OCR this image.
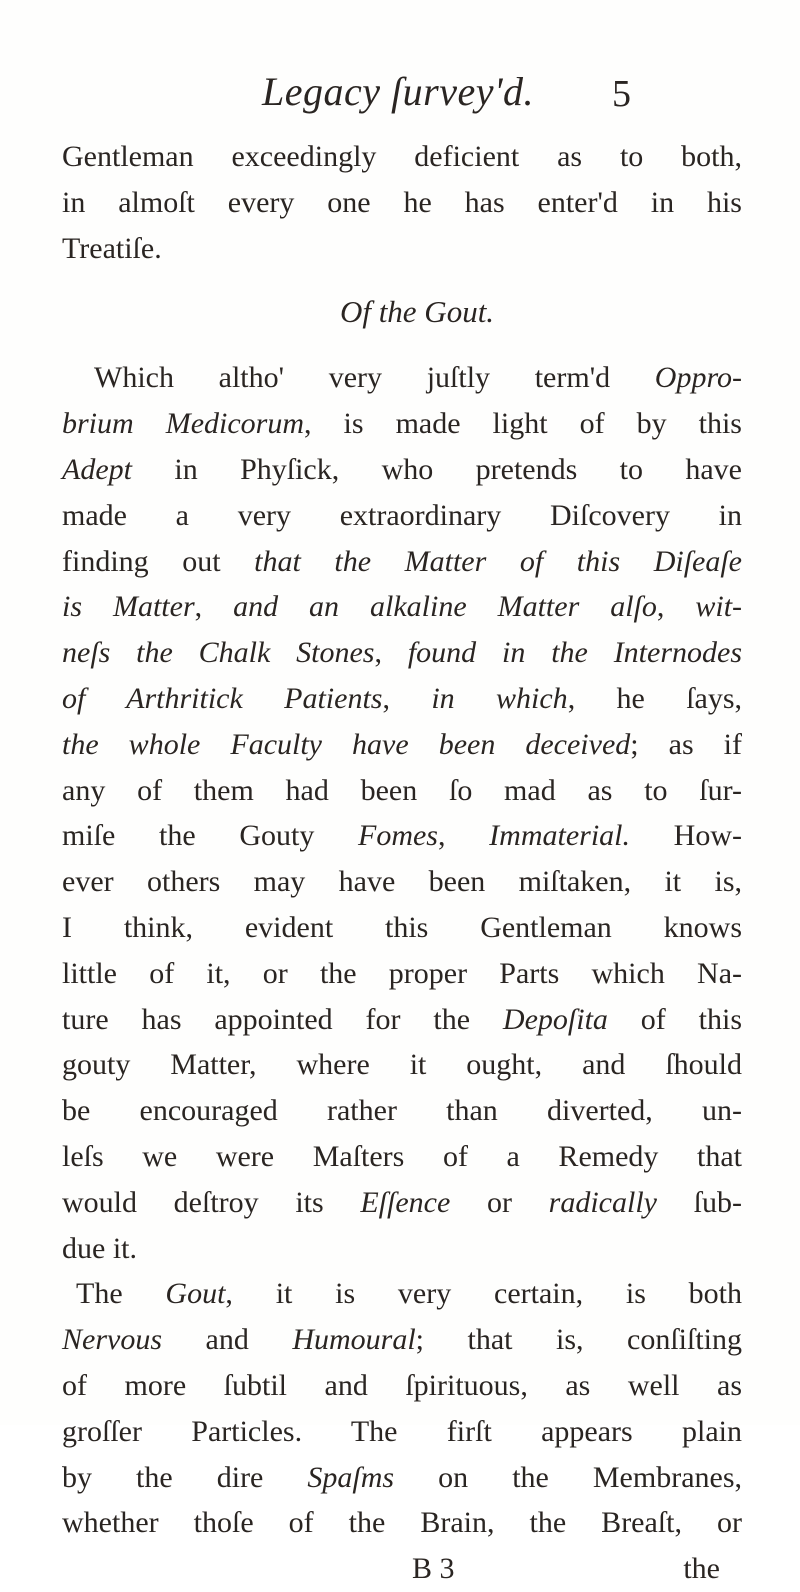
Legacy ſurvey'd. 5
Gentleman exceedingly deficient as to both,
in almoſt every one he has enter'd in his
Treatiſe.
Of the Gout.
Which altho' very juſtly term'd Oppro-
brium Medicorum, is made light of by this
Adept in Phyſick, who pretends to have
made a very extraordinary Diſcovery in
finding out that the Matter of this Diſeaſe
is Matter, and an alkaline Matter alſo, wit-
neſs the Chalk Stones, found in the Internodes
of Arthritick Patients, in which, he ſays,
the whole Faculty have been deceived; as if
any of them had been ſo mad as to ſur-
miſe the Gouty Fomes, Immaterial. How-
ever others may have been miſtaken, it is,
I think, evident this Gentleman knows
little of it, or the proper Parts which Na-
ture has appointed for the Depoſita of this
gouty Matter, where it ought, and ſhould
be encouraged rather than diverted, un-
leſs we were Maſters of a Remedy that
would deſtroy its Eſſence or radically ſub-
due it.
The Gout, it is very certain, is both
Nervous and Humoural; that is, conſiſting
of more ſubtil and ſpirituous, as well as
groſſer Particles. The firſt appears plain
by the dire Spaſms on the Membranes,
whether thoſe of the Brain, the Breaſt, or
B 3	the
